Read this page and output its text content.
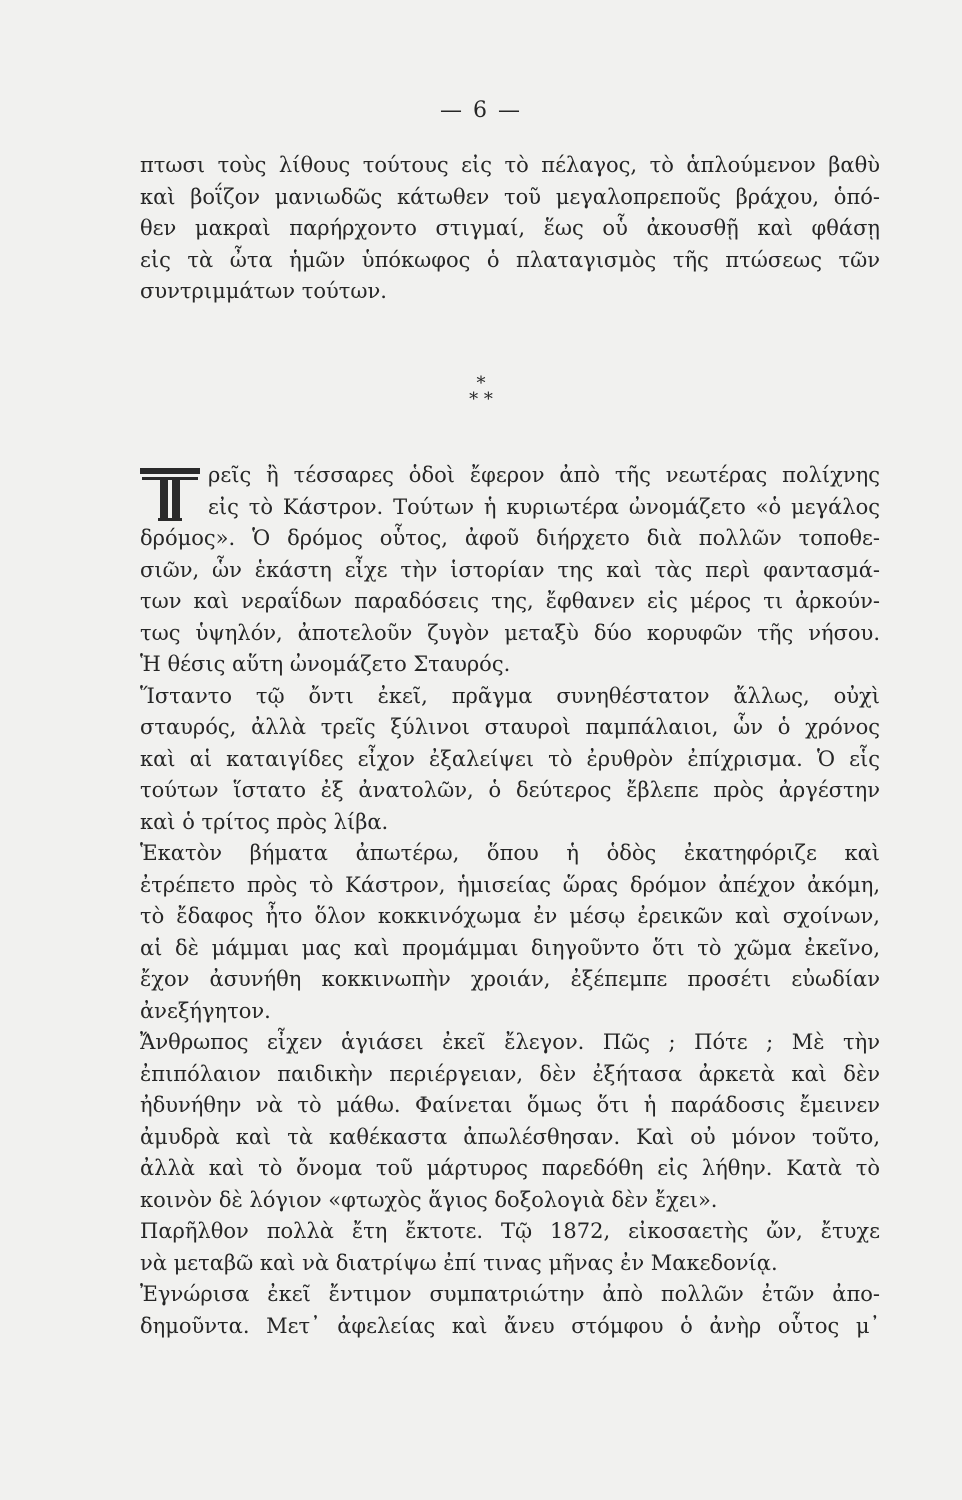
— 6 —
πτωσι τοὺς λίθους τούτους εἰς τὸ πέλαγος, τὸ ἁπλούμενον βαθὺ
καὶ βοΐζον μανιωδῶς κάτωθεν τοῦ μεγαλοπρεποῦς βράχου, ὁπό-
θεν μακραὶ παρήρχοντο στιγμαί, ἕως οὗ ἀκουσθῇ καὶ φθάσῃ
εἰς τὰ ὦτα ἡμῶν ὑπόκωφος ὁ πλαταγισμὸς τῆς πτώσεως τῶν
συντριμμάτων τούτων.
*
* *
ρεῖς ἢ τέσσαρες ὁδοὶ ἔφερον ἀπὸ τῆς νεωτέρας πολίχνης
εἰς τὸ Κάστρον. Τούτων ἡ κυριωτέρα ὠνομάζετο «ὁ μεγάλος
δρόμος». Ὁ δρόμος οὗτος, ἀφοῦ διήρχετο διὰ πολλῶν τοποθε-
σιῶν, ὧν ἑκάστη εἶχε τὴν ἱστορίαν της καὶ τὰς περὶ φαντασμά-
των καὶ νεραΐδων παραδόσεις της, ἔφθανεν εἰς μέρος τι ἀρκούν-
τως ὑψηλόν, ἀποτελοῦν ζυγὸν μεταξὺ δύο κορυφῶν τῆς νήσου.
Ἡ θέσις αὕτη ὠνομάζετο Σταυρός.
Ἵσταντο τῷ ὄντι ἐκεῖ, πρᾶγμα συνηθέστατον ἄλλως, οὐχὶ
σταυρός, ἀλλὰ τρεῖς ξύλινοι σταυροὶ παμπάλαιοι, ὧν ὁ χρόνος
καὶ αἱ καταιγίδες εἶχον ἐξαλείψει τὸ ἐρυθρὸν ἐπίχρισμα. Ὁ εἷς
τούτων ἵστατο ἐξ ἀνατολῶν, ὁ δεύτερος ἔβλεπε πρὸς ἀργέστην
καὶ ὁ τρίτος πρὸς λίβα.
Ἑκατὸν βήματα ἀπωτέρω, ὅπου ἡ ὁδὸς ἐκατηφόριζε καὶ
ἐτρέπετο πρὸς τὸ Κάστρον, ἡμισείας ὥρας δρόμον ἀπέχον ἀκόμη,
τὸ ἔδαφος ἦτο ὅλον κοκκινόχωμα ἐν μέσῳ ἐρεικῶν καὶ σχοίνων,
αἱ δὲ μάμμαι μας καὶ προμάμμαι διηγοῦντο ὅτι τὸ χῶμα ἐκεῖνο,
ἔχον ἀσυνήθη κοκκινωπὴν χροιάν, ἐξέπεμπε προσέτι εὐωδίαν
ἀνεξήγητον.
Ἄνθρωπος εἶχεν ἁγιάσει ἐκεῖ ἔλεγον. Πῶς ; Πότε ; Μὲ τὴν
ἐπιπόλαιον παιδικὴν περιέργειαν, δὲν ἐξήτασα ἀρκετὰ καὶ δὲν
ἠδυνήθην νὰ τὸ μάθω. Φαίνεται ὅμως ὅτι ἡ παράδοσις ἔμεινεν
ἀμυδρὰ καὶ τὰ καθέκαστα ἀπωλέσθησαν. Καὶ οὐ μόνον τοῦτο,
ἀλλὰ καὶ τὸ ὄνομα τοῦ μάρτυρος παρεδόθη εἰς λήθην. Κατὰ τὸ
κοινὸν δὲ λόγιον «φτωχὸς ἅγιος δοξολογιὰ δὲν ἔχει».
Παρῆλθον πολλὰ ἔτη ἔκτοτε. Τῷ 1872, εἰκοσαετὴς ὤν, ἔτυχε
νὰ μεταβῶ καὶ νὰ διατρίψω ἐπί τινας μῆνας ἐν Μακεδονίᾳ.
Ἐγνώρισα ἐκεῖ ἔντιμον συμπατριώτην ἀπὸ πολλῶν ἐτῶν ἀπο-
δημοῦντα. Μετ᾽ ἀφελείας καὶ ἄνευ στόμφου ὁ ἀνὴρ οὗτος μ᾽
